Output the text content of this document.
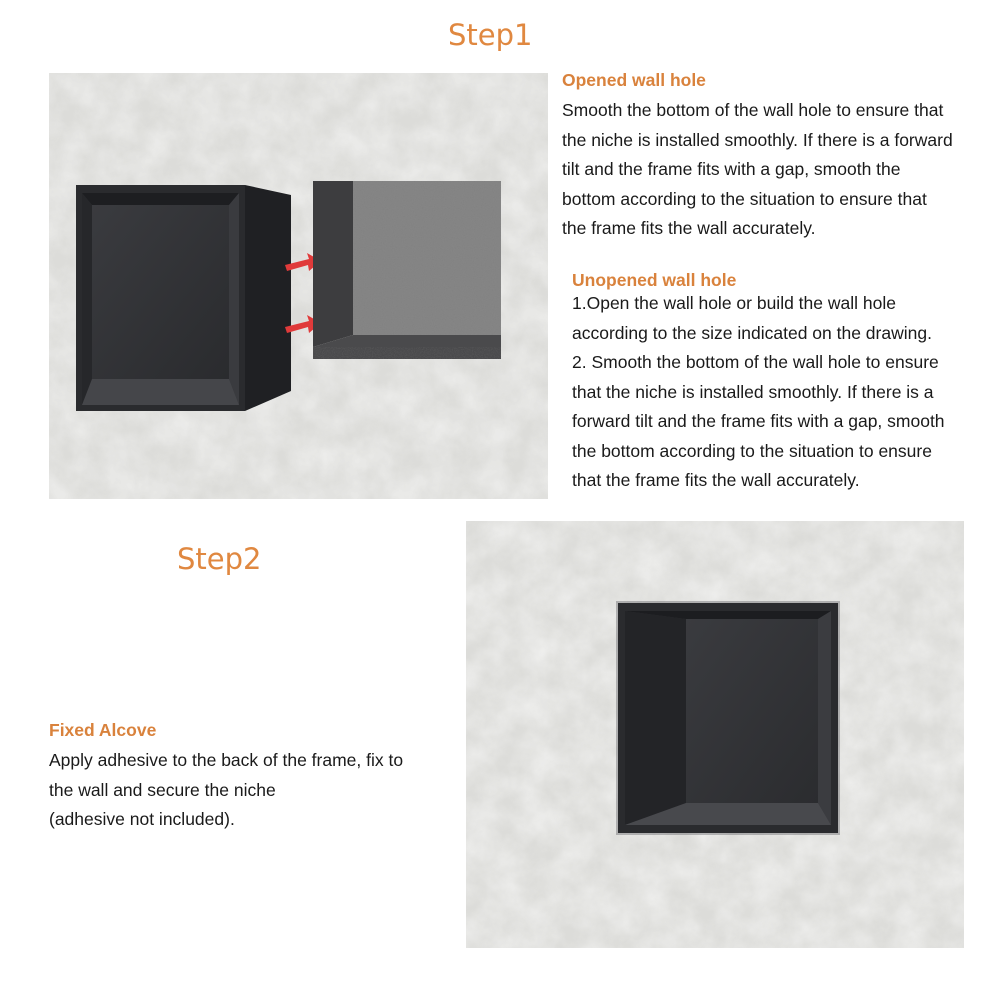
Step1

Opened wall hole

Smooth the bottom of the wall hole to ensure that
the niche is installed smoothly. If there is a forward
tilt and the frame fits with a gap, smooth the
bottom according to the situation to ensure that
the frame fits the wall accurately.

Unopened wall hole

1.Open the wall hole or build the wall hole
according to the size indicated on the drawing.
2. Smooth the bottom of the wall hole to ensure
that the niche is installed smoothly. If there is a
forward tilt and the frame fits with a gap, smooth
the bottom according to the situation to ensure
that the frame fits the wall accurately.
Step2

Fixed Alcove

Apply adhesive to the back of the frame, fix to
the wall and secure the niche
(adhesive not included).
